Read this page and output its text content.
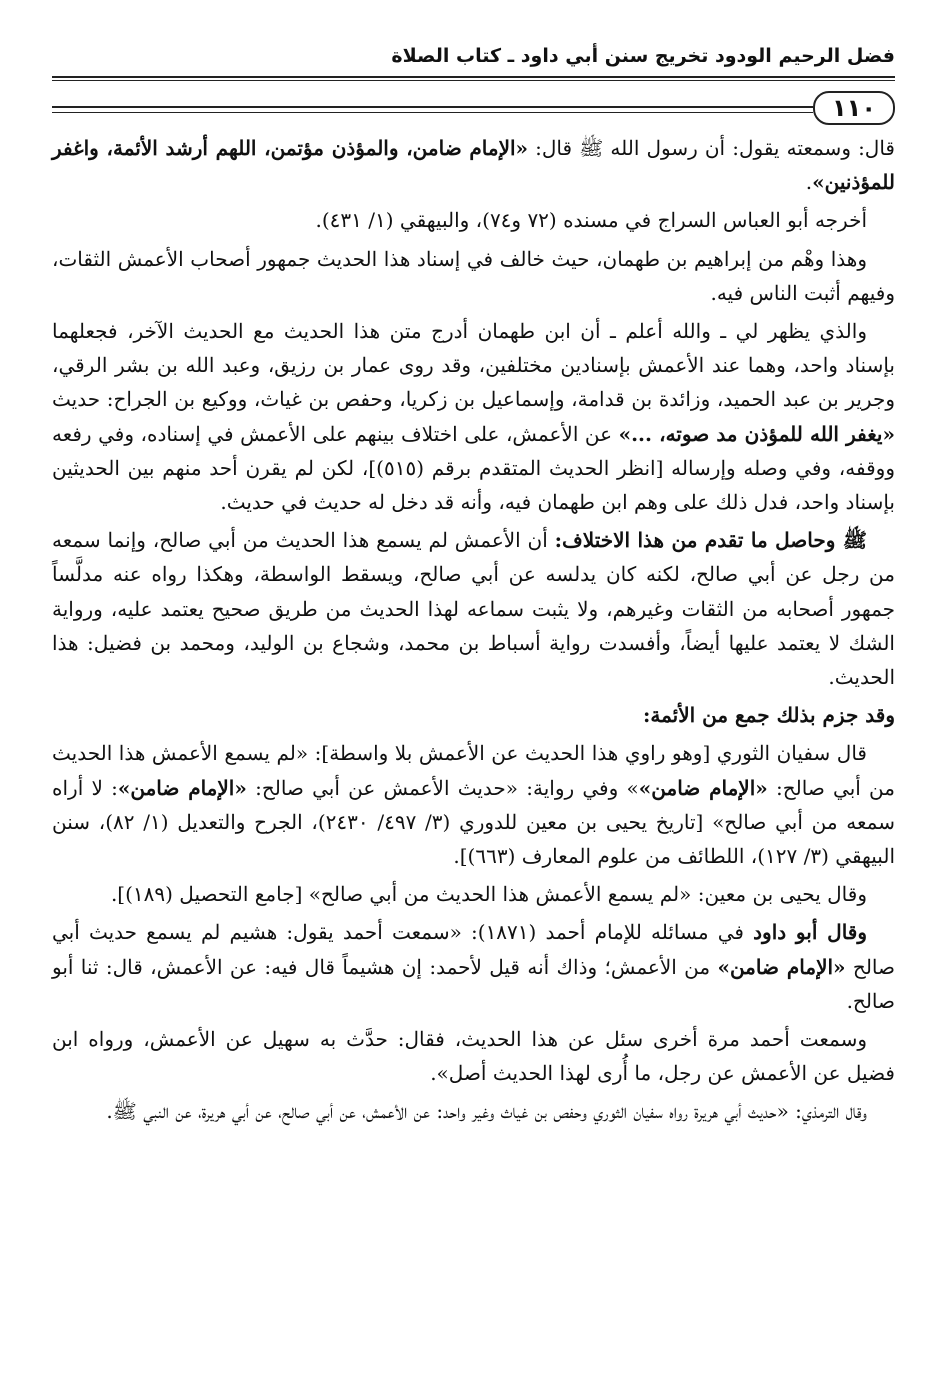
فضل الرحيم الودود تخريج سنن أبي داود ـ كتاب الصلاة
١١٠

قال: وسمعته يقول: أن رسول الله ﷺ قال: «الإمام ضامن، والمؤذن مؤتمن، اللهم أرشد الأئمة، واغفر للمؤذنين».

أخرجه أبو العباس السراج في مسنده (٧٢ و٧٤)، والبيهقي (١/ ٤٣١).

وهذا وهْم من إبراهيم بن طهمان، حيث خالف في إسناد هذا الحديث جمهور أصحاب الأعمش الثقات، وفيهم أثبت الناس فيه.

والذي يظهر لي ـ والله أعلم ـ أن ابن طهمان أدرج متن هذا الحديث مع الحديث الآخر، فجعلهما بإسناد واحد، وهما عند الأعمش بإسنادين مختلفين، وقد روى عمار بن رزيق، وعبد الله بن بشر الرقي، وجرير بن عبد الحميد، وزائدة بن قدامة، وإسماعيل بن زكريا، وحفص بن غياث، ووكيع بن الجراح: حديث «يغفر الله للمؤذن مد صوته، ...» عن الأعمش، على اختلاف بينهم على الأعمش في إسناده، وفي رفعه ووقفه، وفي وصله وإرساله [انظر الحديث المتقدم برقم (٥١٥)]، لكن لم يقرن أحد منهم بين الحديثين بإسناد واحد، فدل ذلك على وهم ابن طهمان فيه، وأنه قد دخل له حديث في حديث.

ﷺ وحاصل ما تقدم من هذا الاختلاف: أن الأعمش لم يسمع هذا الحديث من أبي صالح، وإنما سمعه من رجل عن أبي صالح، لكنه كان يدلسه عن أبي صالح، ويسقط الواسطة، وهكذا رواه عنه مدلَّساً جمهور أصحابه من الثقات وغيرهم، ولا يثبت سماعه لهذا الحديث من طريق صحيح يعتمد عليه، ورواية الشك لا يعتمد عليها أيضاً، وأفسدت رواية أسباط بن محمد، وشجاع بن الوليد، ومحمد بن فضيل: هذا الحديث.

وقد جزم بذلك جمع من الأئمة:

قال سفيان الثوري [وهو راوي هذا الحديث عن الأعمش بلا واسطة]: «لم يسمع الأعمش هذا الحديث من أبي صالح: «الإمام ضامن»» وفي رواية: «حديث الأعمش عن أبي صالح: «الإمام ضامن»: لا أراه سمعه من أبي صالح» [تاريخ يحيى بن معين للدوري (٣/ ٤٩٧/ ٢٤٣٠)، الجرح والتعديل (١/ ٨٢)، سنن البيهقي (٣/ ١٢٧)، اللطائف من علوم المعارف (٦٦٣)].

وقال يحيى بن معين: «لم يسمع الأعمش هذا الحديث من أبي صالح» [جامع التحصيل (١٨٩)].

وقال أبو داود في مسائله للإمام أحمد (١٨٧١): «سمعت أحمد يقول: هشيم لم يسمع حديث أبي صالح «الإمام ضامن» من الأعمش؛ وذاك أنه قيل لأحمد: إن هشيماً قال فيه: عن الأعمش، قال: ثنا أبو صالح.

وسمعت أحمد مرة أخرى سئل عن هذا الحديث، فقال: حدَّث به سهيل عن الأعمش، ورواه ابن فضيل عن الأعمش عن رجل، ما أُرى لهذا الحديث أصل».

وقال الترمذي: «حديث أبي هريرة رواه سفيان الثوري وحفص بن غياث وغير واحد: عن الأعمش، عن أبي صالح، عن أبي هريرة، عن النبي ﷺ.
